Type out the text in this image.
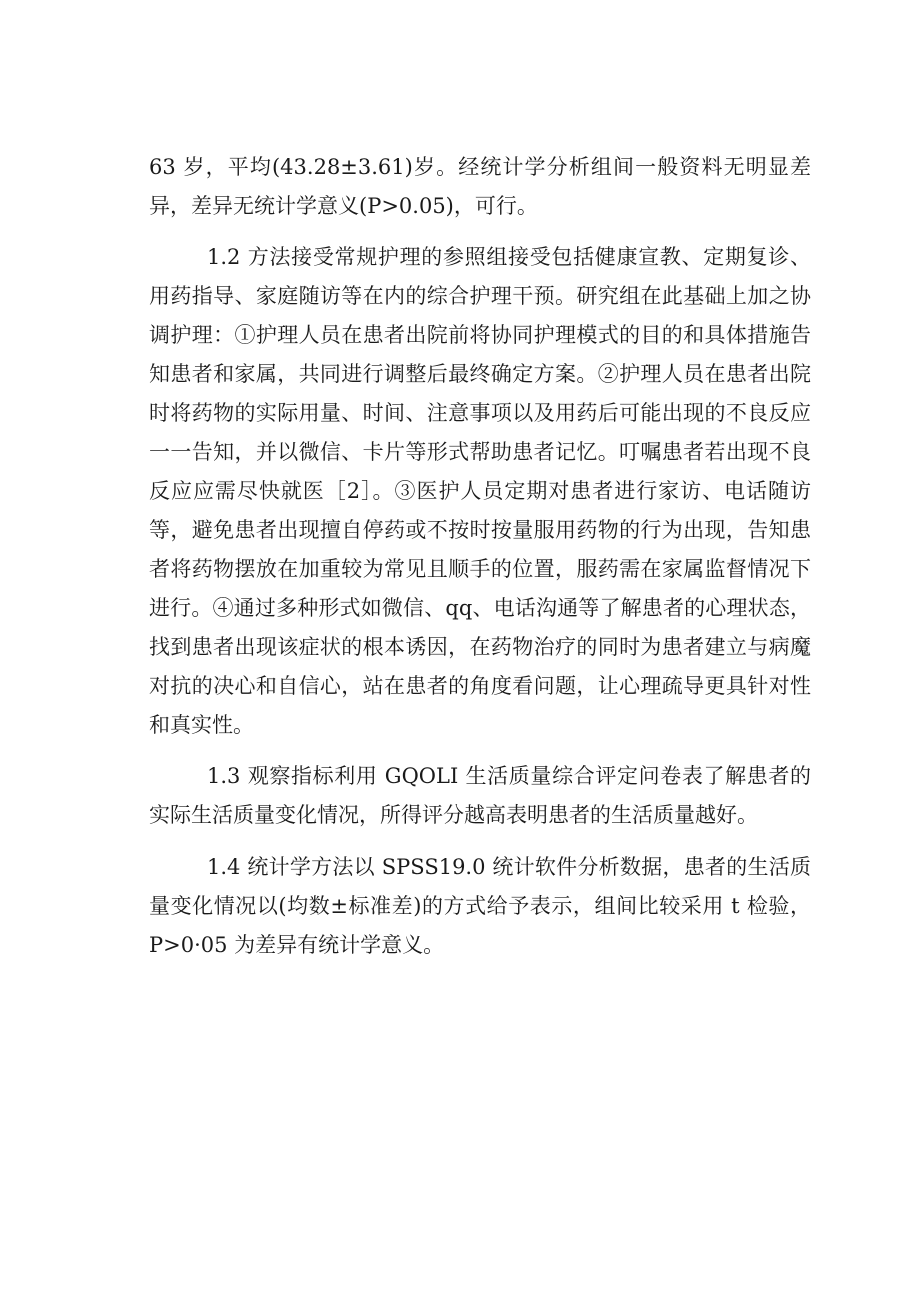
63 岁，平均(43.28±3.61)岁。经统计学分析组间一般资料无明显差异，差异无统计学意义(P>0.05)，可行。

1.2 方法接受常规护理的参照组接受包括健康宣教、定期复诊、用药指导、家庭随访等在内的综合护理干预。研究组在此基础上加之协调护理：①护理人员在患者出院前将协同护理模式的目的和具体措施告知患者和家属，共同进行调整后最终确定方案。②护理人员在患者出院时将药物的实际用量、时间、注意事项以及用药后可能出现的不良反应一一告知，并以微信、卡片等形式帮助患者记忆。叮嘱患者若出现不良反应应需尽快就医［2］。③医护人员定期对患者进行家访、电话随访等，避免患者出现擅自停药或不按时按量服用药物的行为出现，告知患者将药物摆放在加重较为常见且顺手的位置，服药需在家属监督情况下进行。④通过多种形式如微信、qq、电话沟通等了解患者的心理状态，找到患者出现该症状的根本诱因，在药物治疗的同时为患者建立与病魔对抗的决心和自信心，站在患者的角度看问题，让心理疏导更具针对性和真实性。

1.3 观察指标利用 GQOLI 生活质量综合评定问卷表了解患者的实际生活质量变化情况，所得评分越高表明患者的生活质量越好。

1.4 统计学方法以 SPSS19.0 统计软件分析数据，患者的生活质量变化情况以(均数±标准差)的方式给予表示，组间比较采用 t 检验，P>0·05 为差异有统计学意义。
